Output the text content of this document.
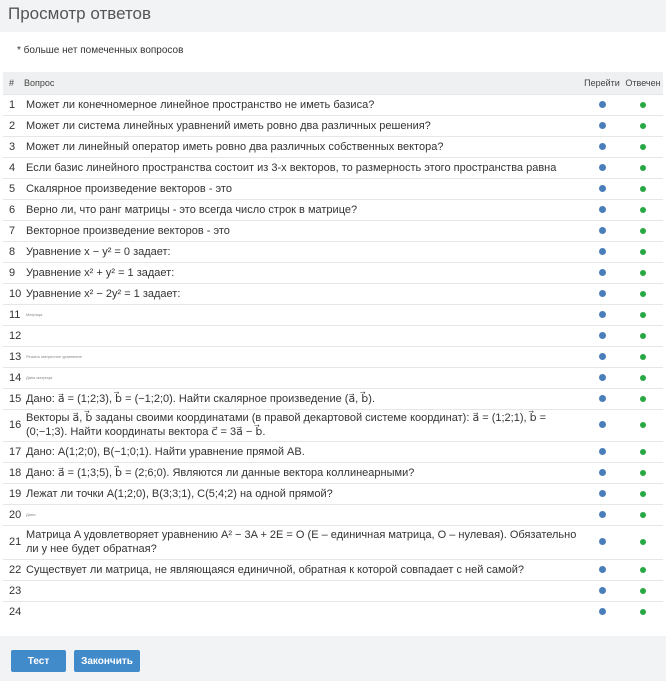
Просмотр ответов
* больше нет помеченных вопросов
#	Вопрос	Перейти	Отвечен
1	Может ли конечномерное линейное пространство не иметь базиса?		
2	Может ли система линейных уравнений иметь ровно два различных решения?		
3	Может ли линейный оператор иметь ровно два различных собственных вектора?		
4	Если базис линейного пространства состоит из 3-х векторов, то размерность этого пространства равна		
5	Скалярное произведение векторов - это		
6	Верно ли, что ранг матрицы - это всегда число строк в матрице?		
7	Векторное произведение векторов - это		
8	Уравнение x − y² = 0 задает:		
9	Уравнение x² + y² = 1 задает:		
10	Уравнение x² − 2y² = 1 задает:		
11	Матрица		
12			
13	Решить матричное уравнение		
14	Дана матрица		
15	Дано: a⃗ = (1;2;3), b⃗ = (−1;2;0). Найти скалярное произведение (a⃗, b⃗).		
16	Векторы a⃗, b⃗ заданы своими координатами (в правой декартовой системе координат): a⃗ = (1;2;1), b⃗ = (0;−1;3). Найти координаты вектора c⃗ = 3a⃗ − b⃗.		
17	Дано: A(1;2;0), B(−1;0;1). Найти уравнение прямой AB.		
18	Дано: a⃗ = (1;3;5), b⃗ = (2;6;0). Являются ли данные вектора коллинеарными?		
19	Лежат ли точки A(1;2;0), B(3;3;1), C(5;4;2) на одной прямой?		
20	Дано:		
21	Матрица A удовлетворяет уравнению A² − 3A + 2E = O (E – единичная матрица, O – нулевая). Обязательно ли у нее будет обратная?		
22	Существует ли матрица, не являющаяся единичной, обратная к которой совпадает с ней самой?		
23			
24			
Тест	Закончить
